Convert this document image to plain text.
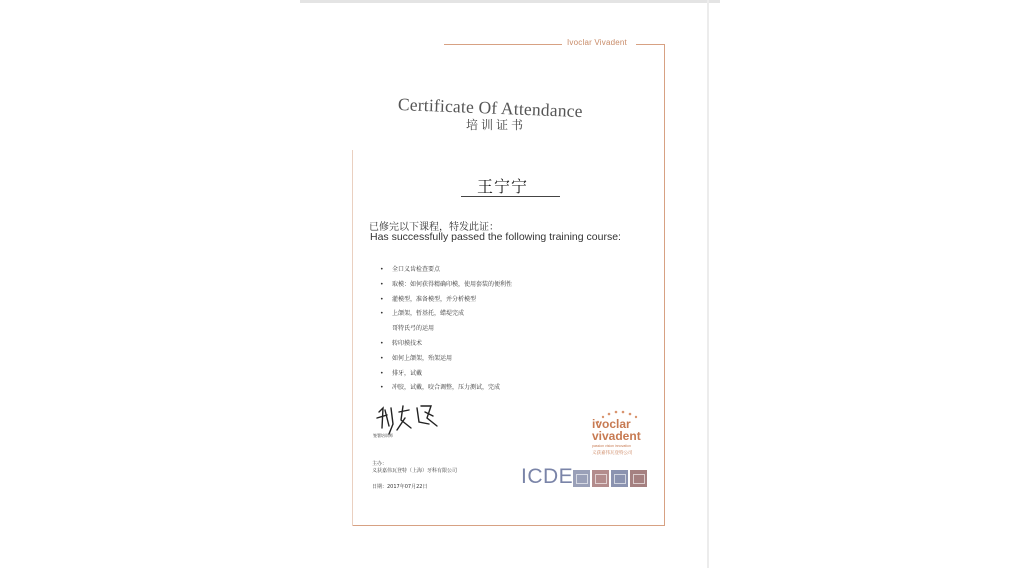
Ivoclar Vivadent
Certificate Of Attendance
培训证书
王宁宁
已修完以下课程，特发此证：
Has successfully passed the following training course:
• 全口义齿检查要点
• 取模：如何获得精确印模，使用套装的便利性
• 灌模型，准备模型，并分析模型
• 上颌架，暂基托，蜡堤完成
哥特氏弓的运用
• 转印摸技术
• 如何上颌架，殆架运用
• 排牙，试戴
• 冲胶，试戴，咬合调整，压力测试，完成
签署培训师
主办：
义获嘉伟瓦登特（上海）牙科有限公司
日期：2017年07月22日
ivoclar
vivadent
passion vision innovation
义获嘉伟瓦登特公司
ICDE
